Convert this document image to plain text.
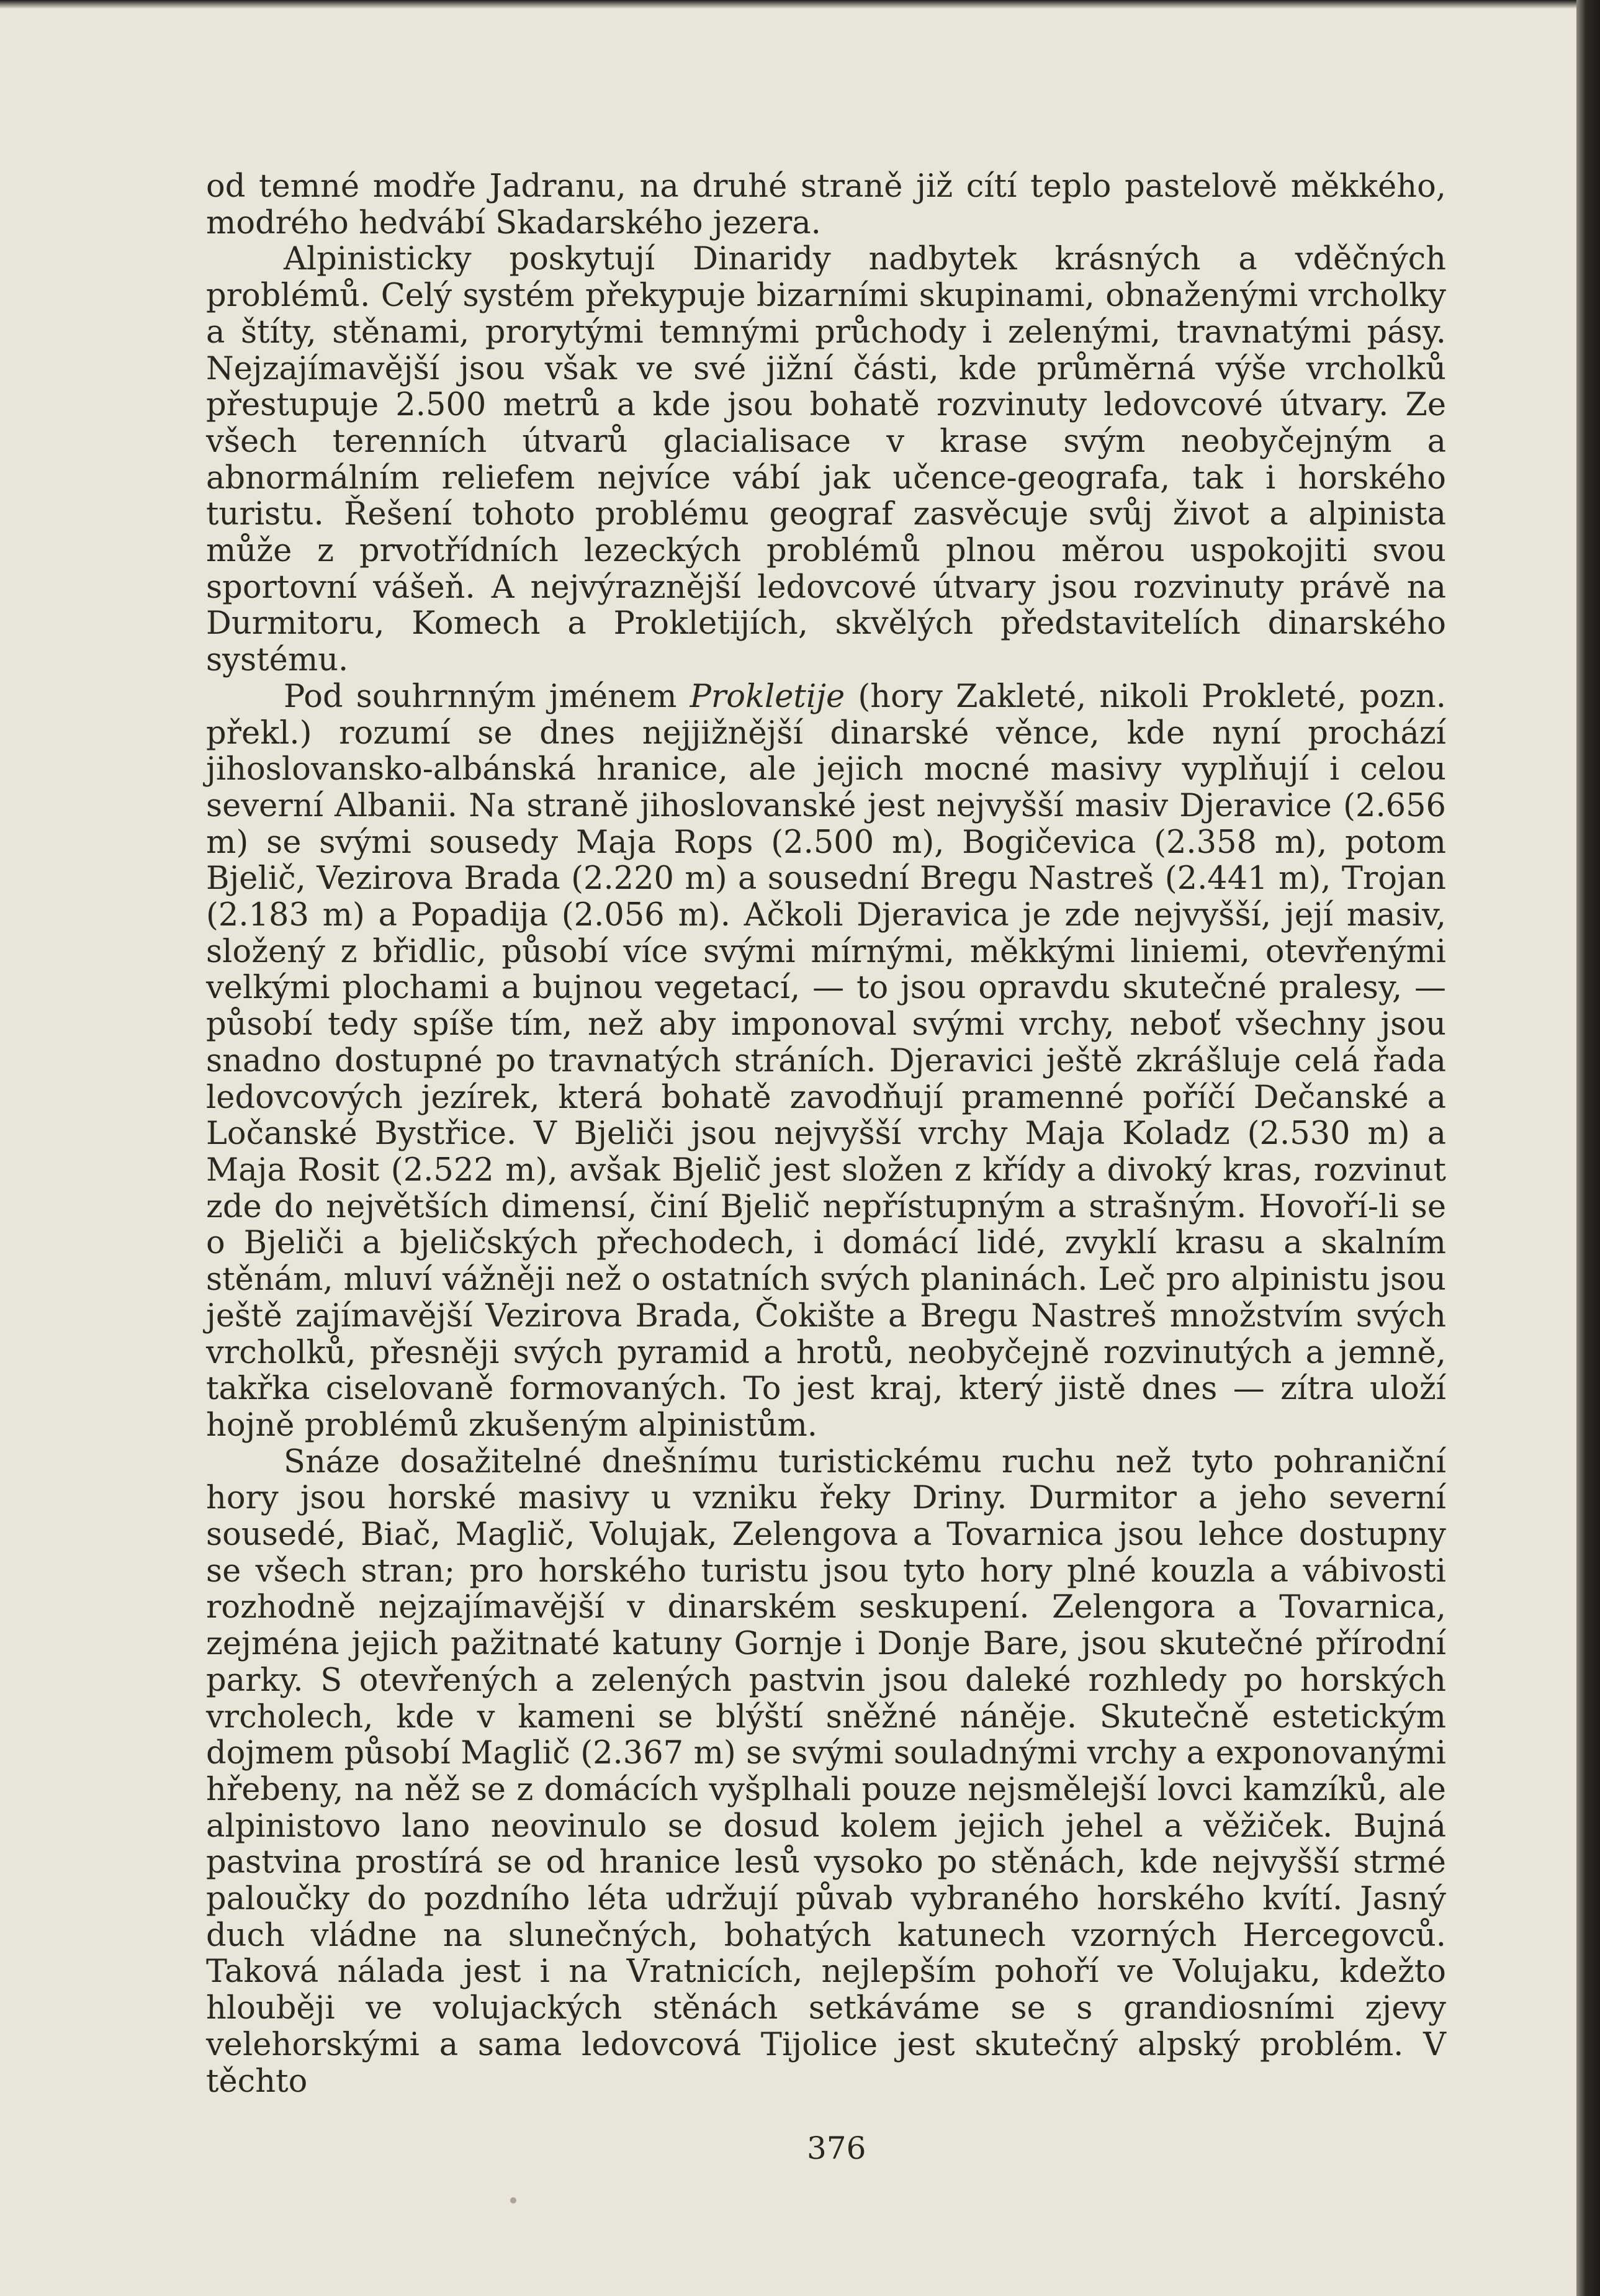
od temné modře Jadranu, na druhé straně již cítí teplo pastelově měkkého, modrého hedvábí Skadarského jezera.

Alpinisticky poskytují Dinaridy nadbytek krásných a vděčných problémů. Celý systém překypuje bizarními skupinami, obnaženými vrcholky a štíty, stěnami, prorytými temnými průchody i zelenými, travnatými pásy. Nejzajímavější jsou však ve své jižní části, kde průměrná výše vrcholků přestupuje 2.500 metrů a kde jsou bohatě rozvinuty ledovcové útvary. Ze všech terenních útvarů glacialisace v krase svým neobyčejným a abnormálním reliefem nejvíce vábí jak učence-geografa, tak i horského turistu. Řešení tohoto problému geograf zasvěcuje svůj život a alpinista může z prvotřídních lezeckých problémů plnou měrou uspokojiti svou sportovní vášeň. A nejvýraznější ledovcové útvary jsou rozvinuty právě na Durmitoru, Komech a Prokletijích, skvělých představitelích dinarského systému.

Pod souhrnným jménem Prokletije (hory Zakleté, nikoli Prokleté, pozn. překl.) rozumí se dnes nejjižnější dinarské věnce, kde nyní prochází jihoslovansko-albánská hranice, ale jejich mocné masivy vyplňují i celou severní Albanii. Na straně jihoslovanské jest nejvyšší masiv Djeravice (2.656 m) se svými sousedy Maja Rops (2.500 m), Bogičevica (2.358 m), potom Bjelič, Vezirova Brada (2.220 m) a sousední Bregu Nastreš (2.441 m), Trojan (2.183 m) a Popadija (2.056 m). Ačkoli Djeravica je zde nejvyšší, její masiv, složený z břidlic, působí více svými mírnými, měkkými liniemi, otevřenými velkými plochami a bujnou vegetací, — to jsou opravdu skutečné pralesy, — působí tedy spíše tím, než aby imponoval svými vrchy, neboť všechny jsou snadno dostupné po travnatých stráních. Djeravici ještě zkrášluje celá řada ledovcových jezírek, která bohatě zavodňují pramenné poříčí Dečanské a Ločanské Bystřice. V Bjeliči jsou nejvyšší vrchy Maja Koladz (2.530 m) a Maja Rosit (2.522 m), avšak Bjelič jest složen z křídy a divoký kras, rozvinut zde do největších dimensí, činí Bjelič nepřístupným a strašným. Hovoří-li se o Bjeliči a bjeličských přechodech, i domácí lidé, zvyklí krasu a skalním stěnám, mluví vážněji než o ostatních svých planinách. Leč pro alpinistu jsou ještě zajímavější Vezirova Brada, Čokište a Bregu Nastreš množstvím svých vrcholků, přesněji svých pyramid a hrotů, neobyčejně rozvinutých a jemně, takřka ciselovaně formovaných. To jest kraj, který jistě dnes — zítra uloží hojně problémů zkušeným alpinistům.

Snáze dosažitelné dnešnímu turistickému ruchu než tyto pohraniční hory jsou horské masivy u vzniku řeky Driny. Durmitor a jeho severní sousedé, Biač, Maglič, Volujak, Zelengova a Tovarnica jsou lehce dostupny se všech stran; pro horského turistu jsou tyto hory plné kouzla a vábivosti rozhodně nejzajímavější v dinarském seskupení. Zelengora a Tovarnica, zejména jejich pažitnaté katuny Gornje i Donje Bare, jsou skutečné přírodní parky. S otevřených a zelených pastvin jsou daleké rozhledy po horských vrcholech, kde v kameni se blýští sněžné náněje. Skutečně estetickým dojmem působí Maglič (2.367 m) se svými souladnými vrchy a exponovanými hřebeny, na něž se z domácích vyšplhali pouze nejsmělejší lovci kamzíků, ale alpinistovo lano neovinulo se dosud kolem jejich jehel a věžiček. Bujná pastvina prostírá se od hranice lesů vysoko po stěnách, kde nejvyšší strmé paloučky do pozdního léta udržují půvab vybraného horského kvítí. Jasný duch vládne na slunečných, bohatých katunech vzorných Hercegovců. Taková nálada jest i na Vratnicích, nejlepším pohoří ve Volujaku, kdežto hlouběji ve volujackých stěnách setkáváme se s grandiosními zjevy velehorskými a sama ledovcová Tijolice jest skutečný alpský problém. V těchto

376
